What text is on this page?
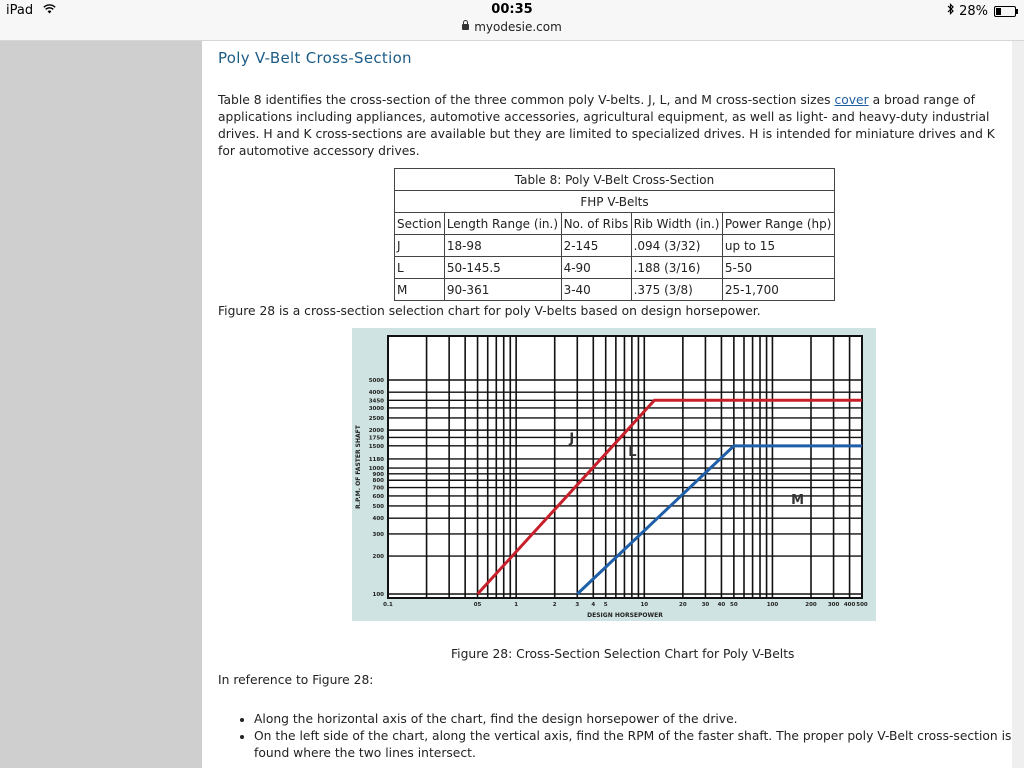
iPad	00:35
myodesie.com
28%
Poly V-Belt Cross-Section
Table 8 identifies the cross-section of the three common poly V-belts. J, L, and M cross-section sizes cover a broad range of applications including appliances, automotive accessories, agricultural equipment, as well as light- and heavy-duty industrial drives. H and K cross-sections are available but they are limited to specialized drives. H is intended for miniature drives and K for automotive accessory drives.
Table 8: Poly V-Belt Cross-Section				
FHP V-Belts				
Section	Length Range (in.)	No. of Ribs	Rib Width (in.)	Power Range (hp)
J	18-98	2-145	.094 (3/32)	up to 15
L	50-145.5	4-90	.188 (3/16)	5-50
M	90-361	3-40	.375 (3/8)	25-1,700
Figure 28 is a cross-section selection chart for poly V-belts based on design horsepower.
5000
4000
3450
3000
2500
2000
1750
1500
1180
1000
900
800
700
600
500
400
300
200
100
0.1	05	1	2	3 4 5	10	20	30 40 50	100	200 300 400 500
DESIGN HORSEPOWER
R.P.M. OF FASTER SHAFT	J
L
M
Figure 28: Cross-Section Selection Chart for Poly V-Belts
In reference to Figure 28:
• Along the horizontal axis of the chart, find the design horsepower of the drive.
• On the left side of the chart, along the vertical axis, find the RPM of the faster shaft. The proper poly V-Belt cross-section is found where the two lines intersect.
